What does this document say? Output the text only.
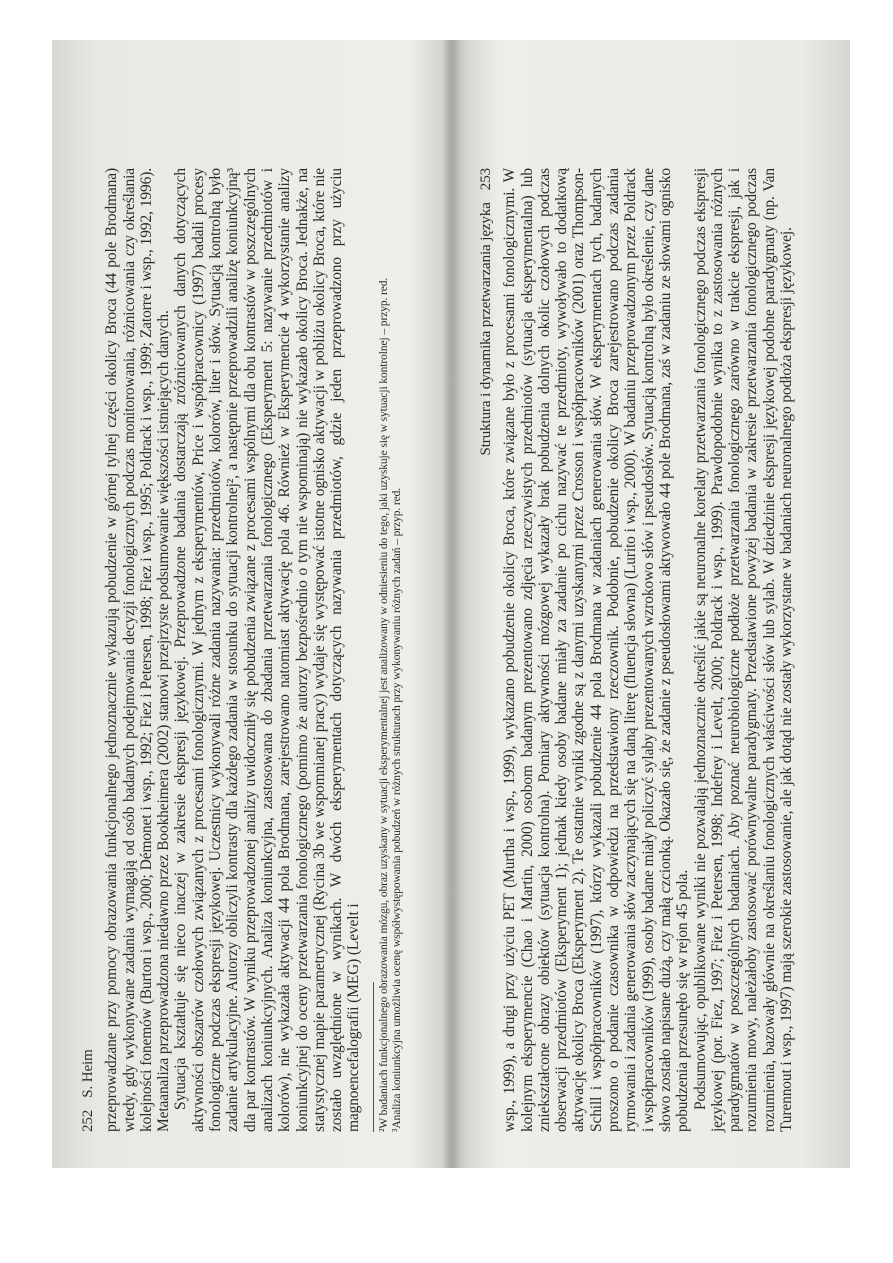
252
S. Heim przeprowadzane przy pomocy obrazowania funkcjonalnego jednoznacznie wykazują pobudzenie w górnej tylnej części okolicy Broca (44 pole Brodmana) wtedy, gdy wykonywane zadania wymagają od osób badanych podejmowania decyzji fonologicznych podczas monitorowania, różnicowania czy określania kolejności fonemów (Burton i wsp., 2000; Démonet i wsp., 1992; Fiez i Petersen, 1998; Fiez i wsp., 1995; Poldrack i wsp., 1999; Zatorre i wsp., 1992, 1996). Metaanaliza przeprowadzona niedawno przez Bookheimera (2002) stanowi przejrzyste podsumowanie większości istniejących danych. Sytuacja kształtuje się nieco inaczej w zakresie ekspresji językowej. Przeprowadzone badania dostarczają zróżnicowanych danych dotyczących aktywności obszarów czołowych związanych z procesami fonologicznymi. W jednym z eksperymentów, Price i współpracownicy (1997) badali procesy fonologiczne podczas ekspresji językowej. Uczestnicy wykonywali różne zadania nazywania: przedmiotów, kolorów, liter i słów. Sytuacją kontrolną było zadanie artykulacyjne. Autorzy obliczyli kontrasty dla każdego zadania w stosunku do sytuacji kontrolnej², a następnie przeprowadzili analizę koniunkcyjną³ dla par kontrastów. W wyniku przeprowadzonej analizy uwidoczniły się pobudzenia związane z procesami wspólnymi dla obu kontrastów w poszczególnych analizach koniunkcyjnych. Analiza koniunkcyjna, zastosowana do zbadania przetwarzania fonologicznego (Eksperyment 5: nazywanie przedmiotów i kolorów), nie wykazała aktywacji 44 pola Brodmana, zarejestrowano natomiast aktywację pola 46. Również w Eksperymencie 4 wykorzystanie analizy koniunkcyjnej do oceny przetwarzania fonologicznego (pomimo że autorzy bezpośrednio o tym nie wspominają) nie wykazało okolicy Broca. Jednakże, na statystycznej mapie parametrycznej (Rycina 3b we wspomnianej pracy) wydaje się występować istotne ognisko aktywacji w pobliżu okolicy Broca, które nie zostało uwzględnione w wynikach. W dwóch eksperymentach dotyczących nazywania przedmiotów, gdzie jeden przeprowadzono przy użyciu magnoencefalografii (MEG) (Levelt i ²W badaniach funkcjonalnego obrazowania mózgu, obraz uzyskany w sytuacji eksperymentalnej jest analizowany w odniesieniu do tego, jaki uzyskuje się w sytuacji kontrolnej – przyp. red. ³Analiza koniunkcyjna umożliwia ocenę współwystępowania pobudzeń w różnych strukturach przy wykonywaniu różnych zadań – przyp. red.

Struktura i dynamika przetwarzania języka
253 wsp., 1999), a drugi przy użyciu PET (Murtha i wsp., 1999), wykazano pobudzenie okolicy Broca, które związane było z procesami fonologicznymi. W kolejnym eksperymencie (Chao i Martin, 2000) osobom badanym prezentowano zdjęcia rzeczywistych przedmiotów (sytuacja eksperymentalna) lub zniekształcone obrazy obiektów (sytuacja kontrolna). Pomiary aktywności mózgowej wykazały brak pobudzenia dolnych okolic czołowych podczas obserwacji przedmiotów (Eksperyment 1); jednak kiedy osoby badane miały za zadanie po cichu nazywać te przedmioty, wywoływało to dodatkową aktywację okolicy Broca (Eksperyment 2). Te ostatnie wyniki zgodne są z danymi uzyskanymi przez Crosson i współpracowników (2001) oraz Thompson-Schill i współpracowników (1997), którzy wykazali pobudzenie 44 pola Brodmana w zadaniach generowania słów. W eksperymentach tych, badanych proszono o podanie czasownika w odpowiedzi na przedstawiony rzeczownik. Podobnie, pobudzenie okolicy Broca zarejestrowano podczas zadania rymowania i zadania generowania słów zaczynających się na daną literę (fluencja słowna) (Lurito i wsp., 2000). W badaniu przeprowadzonym przez Poldrack i współpracowników (1999), osoby badane miały policzyć sylaby prezentowanych wzrokowo słów i pseudosłów. Sytuacją kontrolną było określenie, czy dane słowo zostało napisane dużą, czy małą czcionką. Okazało się, że zadanie z pseudosłowami aktywowało 44 pole Brodmana, zaś w zadaniu ze słowami ognisko pobudzenia przesunęło się w rejon 45 pola. Podsumowując, opublikowane wyniki nie pozwalają jednoznacznie określić jakie są neuronalne korelaty przetwarzania fonologicznego podczas ekspresji językowej (por. Fiez, 1997; Fiez i Petersen, 1998; Indefrey i Levelt, 2000; Poldrack i wsp., 1999). Prawdopodobnie wynika to z zastosowania różnych paradygmatów w poszczególnych badaniach. Aby poznać neurobiologiczne podłoże przetwarzania fonologicznego zarówno w trakcie ekspresji, jak i rozumienia mowy, należałoby zastosować porównywalne paradygmaty. Przedstawione powyżej badania w zakresie przetwarzania fonologicznego podczas rozumienia, bazowały głównie na określaniu fonologicznych właściwości słów lub sylab. W dziedzinie ekspresji językowej podobne paradygmaty (np. Van Turennout i wsp., 1997) mają szerokie zastosowanie, ale jak dotąd nie zostały wykorzystane w badaniach neuronalnego podłoża ekspresji językowej.
